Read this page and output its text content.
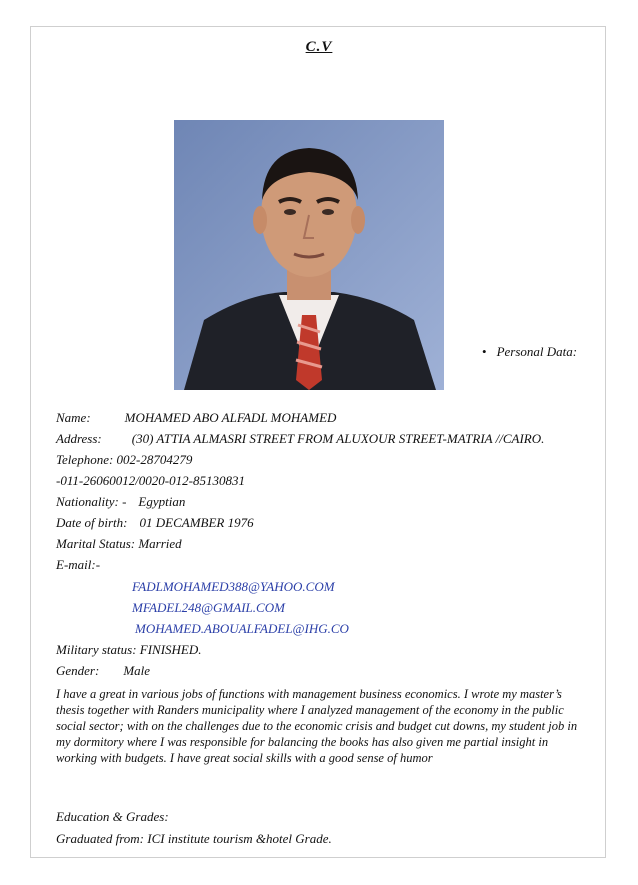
C.V
• Personal Data:
Name:	MOHAMED ABO ALFADL MOHAMED
Address: (30) ATTIA ALMASRI STREET FROM ALUXOUR STREET-MATRIA //CAIRO.
Telephone: 002-28704279
-011-26060012/0020-012-85130831
Nationality: - Egyptian
Date of birth: 01 DECAMBER 1976
Marital Status: Married
E-mail:-
FADLMOHAMED388@YAHOO.COM
MFADEL248@GMAIL.COM
MOHAMED.ABOUALFADEL@IHG.CO
Military status: FINISHED.
Gender: Male
I have a great in various jobs of functions with management business economics. I wrote my master’s thesis together with Randers municipality where I analyzed management of the economy in the public social sector; with on the challenges due to the economic crisis and budget cut downs, my student job in my dormitory where I was responsible for balancing the books has also given me partial insight in working with budgets. I have great social skills with a good sense of humor
Education & Grades:
Graduated from: ICI institute tourism &hotel Grade.
